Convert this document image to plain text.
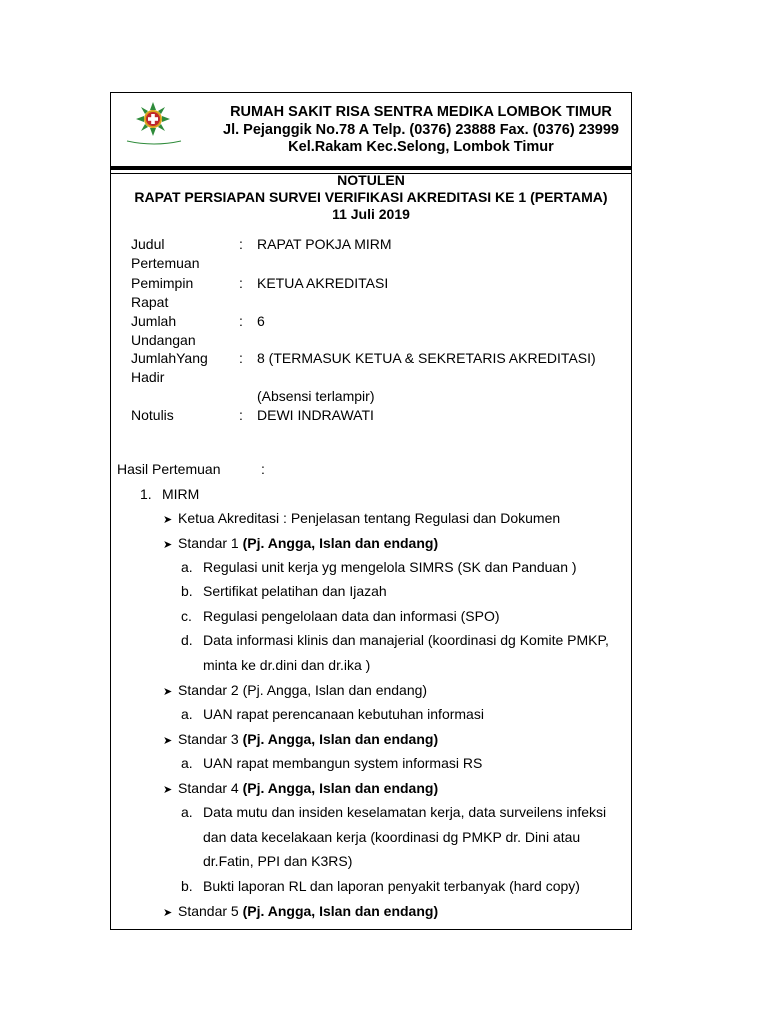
RUMAH SAKIT RISA SENTRA MEDIKA LOMBOK TIMUR
Jl. Pejanggik No.78 A Telp. (0376) 23888 Fax. (0376) 23999
Kel.Rakam Kec.Selong, Lombok Timur
NOTULEN
RAPAT PERSIAPAN SURVEI VERIFIKASI AKREDITASI KE 1 (PERTAMA)
11 Juli 2019
Judul
Pertemuan
: RAPAT POKJA MIRM
Pemimpin
Rapat
: KETUA AKREDITASI
Jumlah
Undangan
: 6
JumlahYang
Hadir
: 8 (TERMASUK KETUA & SEKRETARIS AKREDITASI)
(Absensi terlampir)
Notulis	: DEWI INDRAWATI
Hasil Pertemuan	:
1. MIRM
➤ Ketua Akreditasi : Penjelasan tentang Regulasi dan Dokumen
➤ Standar 1 (Pj. Angga, Islan dan endang)
a. Regulasi unit kerja yg mengelola SIMRS (SK dan Panduan )
b. Sertifikat pelatihan dan Ijazah
c. Regulasi pengelolaan data dan informasi (SPO)
d. Data informasi klinis dan manajerial (koordinasi dg Komite PMKP,
minta ke dr.dini dan dr.ika )
➤ Standar 2 (Pj. Angga, Islan dan endang)
a. UAN rapat perencanaan kebutuhan informasi
➤ Standar 3 (Pj. Angga, Islan dan endang)
a. UAN rapat membangun system informasi RS
➤ Standar 4 (Pj. Angga, Islan dan endang)
a. Data mutu dan insiden keselamatan kerja, data surveilens infeksi
dan data kecelakaan kerja (koordinasi dg PMKP dr. Dini atau
dr.Fatin, PPI dan K3RS)
b. Bukti laporan RL dan laporan penyakit terbanyak (hard copy)
➤ Standar 5 (Pj. Angga, Islan dan endang)
